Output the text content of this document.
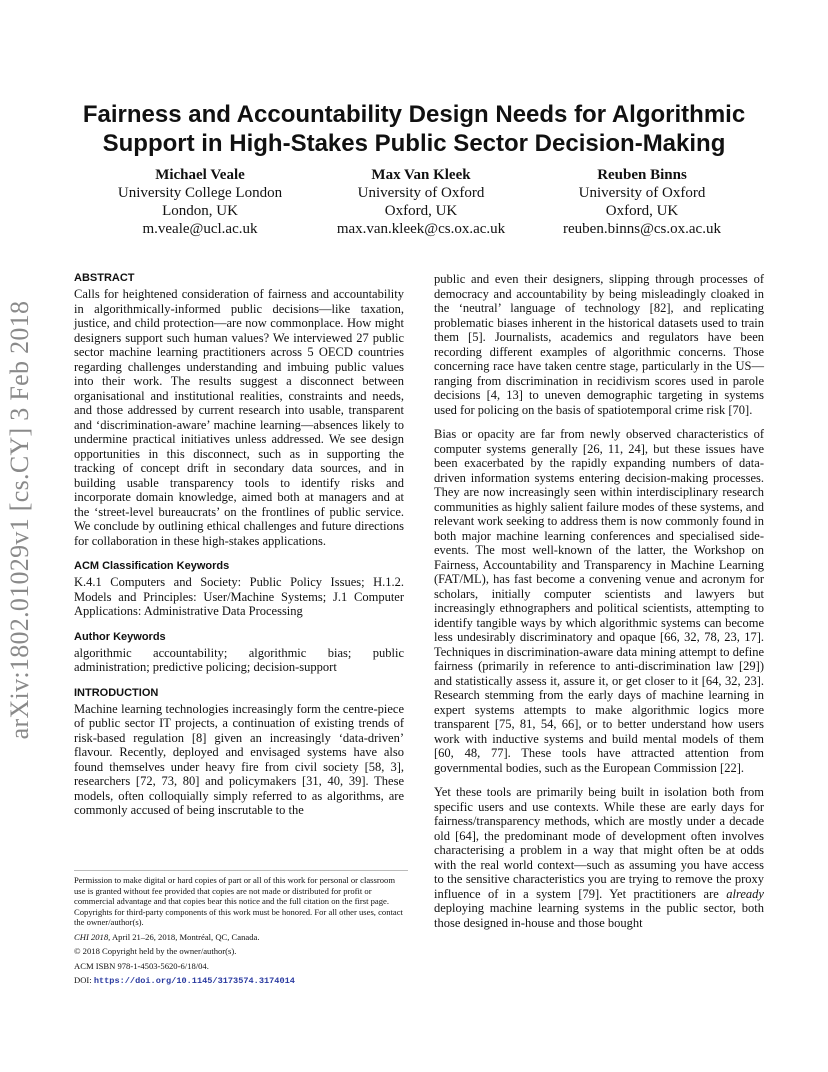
arXiv:1802.01029v1 [cs.CY] 3 Feb 2018
Fairness and Accountability Design Needs for Algorithmic Support in High-Stakes Public Sector Decision-Making
Michael Veale
University College London
London, UK
m.veale@ucl.ac.uk
Max Van Kleek
University of Oxford
Oxford, UK
max.van.kleek@cs.ox.ac.uk
Reuben Binns
University of Oxford
Oxford, UK
reuben.binns@cs.ox.ac.uk

ABSTRACT

Calls for heightened consideration of fairness and accountability in algorithmically-informed public decisions—like taxation, justice, and child protection—are now commonplace. How might designers support such human values? We interviewed 27 public sector machine learning practitioners across 5 OECD countries regarding challenges understanding and imbuing public values into their work. The results suggest a disconnect between organisational and institutional realities, constraints and needs, and those addressed by current research into usable, transparent and ‘discrimination-aware’ machine learning—absences likely to undermine practical initiatives unless addressed. We see design opportunities in this disconnect, such as in supporting the tracking of concept drift in secondary data sources, and in building usable transparency tools to identify risks and incorporate domain knowledge, aimed both at managers and at the ‘street-level bureaucrats’ on the frontlines of public service. We conclude by outlining ethical challenges and future directions for collaboration in these high-stakes applications.

ACM Classification Keywords

K.4.1 Computers and Society: Public Policy Issues; H.1.2. Models and Principles: User/Machine Systems; J.1 Computer Applications: Administrative Data Processing

Author Keywords

algorithmic accountability; algorithmic bias; public administration; predictive policing; decision-support

INTRODUCTION

Machine learning technologies increasingly form the centre-piece of public sector IT projects, a continuation of existing trends of risk-based regulation [8] given an increasingly ‘data-driven’ flavour. Recently, deployed and envisaged systems have also found themselves under heavy fire from civil society [58, 3], researchers [72, 73, 80] and policymakers [31, 40, 39]. These models, often colloquially simply referred to as algorithms, are commonly accused of being inscrutable to the

Permission to make digital or hard copies of part or all of this work for personal or classroom use is granted without fee provided that copies are not made or distributed for profit or commercial advantage and that copies bear this notice and the full citation on the first page. Copyrights for third-party components of this work must be honored. For all other uses, contact the owner/author(s).

CHI 2018, April 21–26, 2018, Montréal, QC, Canada.
© 2018 Copyright held by the owner/author(s).
ACM ISBN 978-1-4503-5620-6/18/04.
DOI: https://doi.org/10.1145/3173574.3174014

public and even their designers, slipping through processes of democracy and accountability by being misleadingly cloaked in the ‘neutral’ language of technology [82], and replicating problematic biases inherent in the historical datasets used to train them [5]. Journalists, academics and regulators have been recording different examples of algorithmic concerns. Those concerning race have taken centre stage, particularly in the US—ranging from discrimination in recidivism scores used in parole decisions [4, 13] to uneven demographic targeting in systems used for policing on the basis of spatiotemporal crime risk [70].

Bias or opacity are far from newly observed characteristics of computer systems generally [26, 11, 24], but these issues have been exacerbated by the rapidly expanding numbers of data-driven information systems entering decision-making processes. They are now increasingly seen within interdisciplinary research communities as highly salient failure modes of these systems, and relevant work seeking to address them is now commonly found in both major machine learning conferences and specialised side-events. The most well-known of the latter, the Workshop on Fairness, Accountability and Transparency in Machine Learning (FAT/ML), has fast become a convening venue and acronym for scholars, initially computer scientists and lawyers but increasingly ethnographers and political scientists, attempting to identify tangible ways by which algorithmic systems can become less undesirably discriminatory and opaque [66, 32, 78, 23, 17]. Techniques in discrimination-aware data mining attempt to define fairness (primarily in reference to anti-discrimination law [29]) and statistically assess it, assure it, or get closer to it [64, 32, 23]. Research stemming from the early days of machine learning in expert systems attempts to make algorithmic logics more transparent [75, 81, 54, 66], or to better understand how users work with inductive systems and build mental models of them [60, 48, 77]. These tools have attracted attention from governmental bodies, such as the European Commission [22].

Yet these tools are primarily being built in isolation both from specific users and use contexts. While these are early days for fairness/transparency methods, which are mostly under a decade old [64], the predominant mode of development often involves characterising a problem in a way that might often be at odds with the real world context—such as assuming you have access to the sensitive characteristics you are trying to remove the proxy influence of in a system [79]. Yet practitioners are already deploying machine learning systems in the public sector, both those designed in-house and those bought
